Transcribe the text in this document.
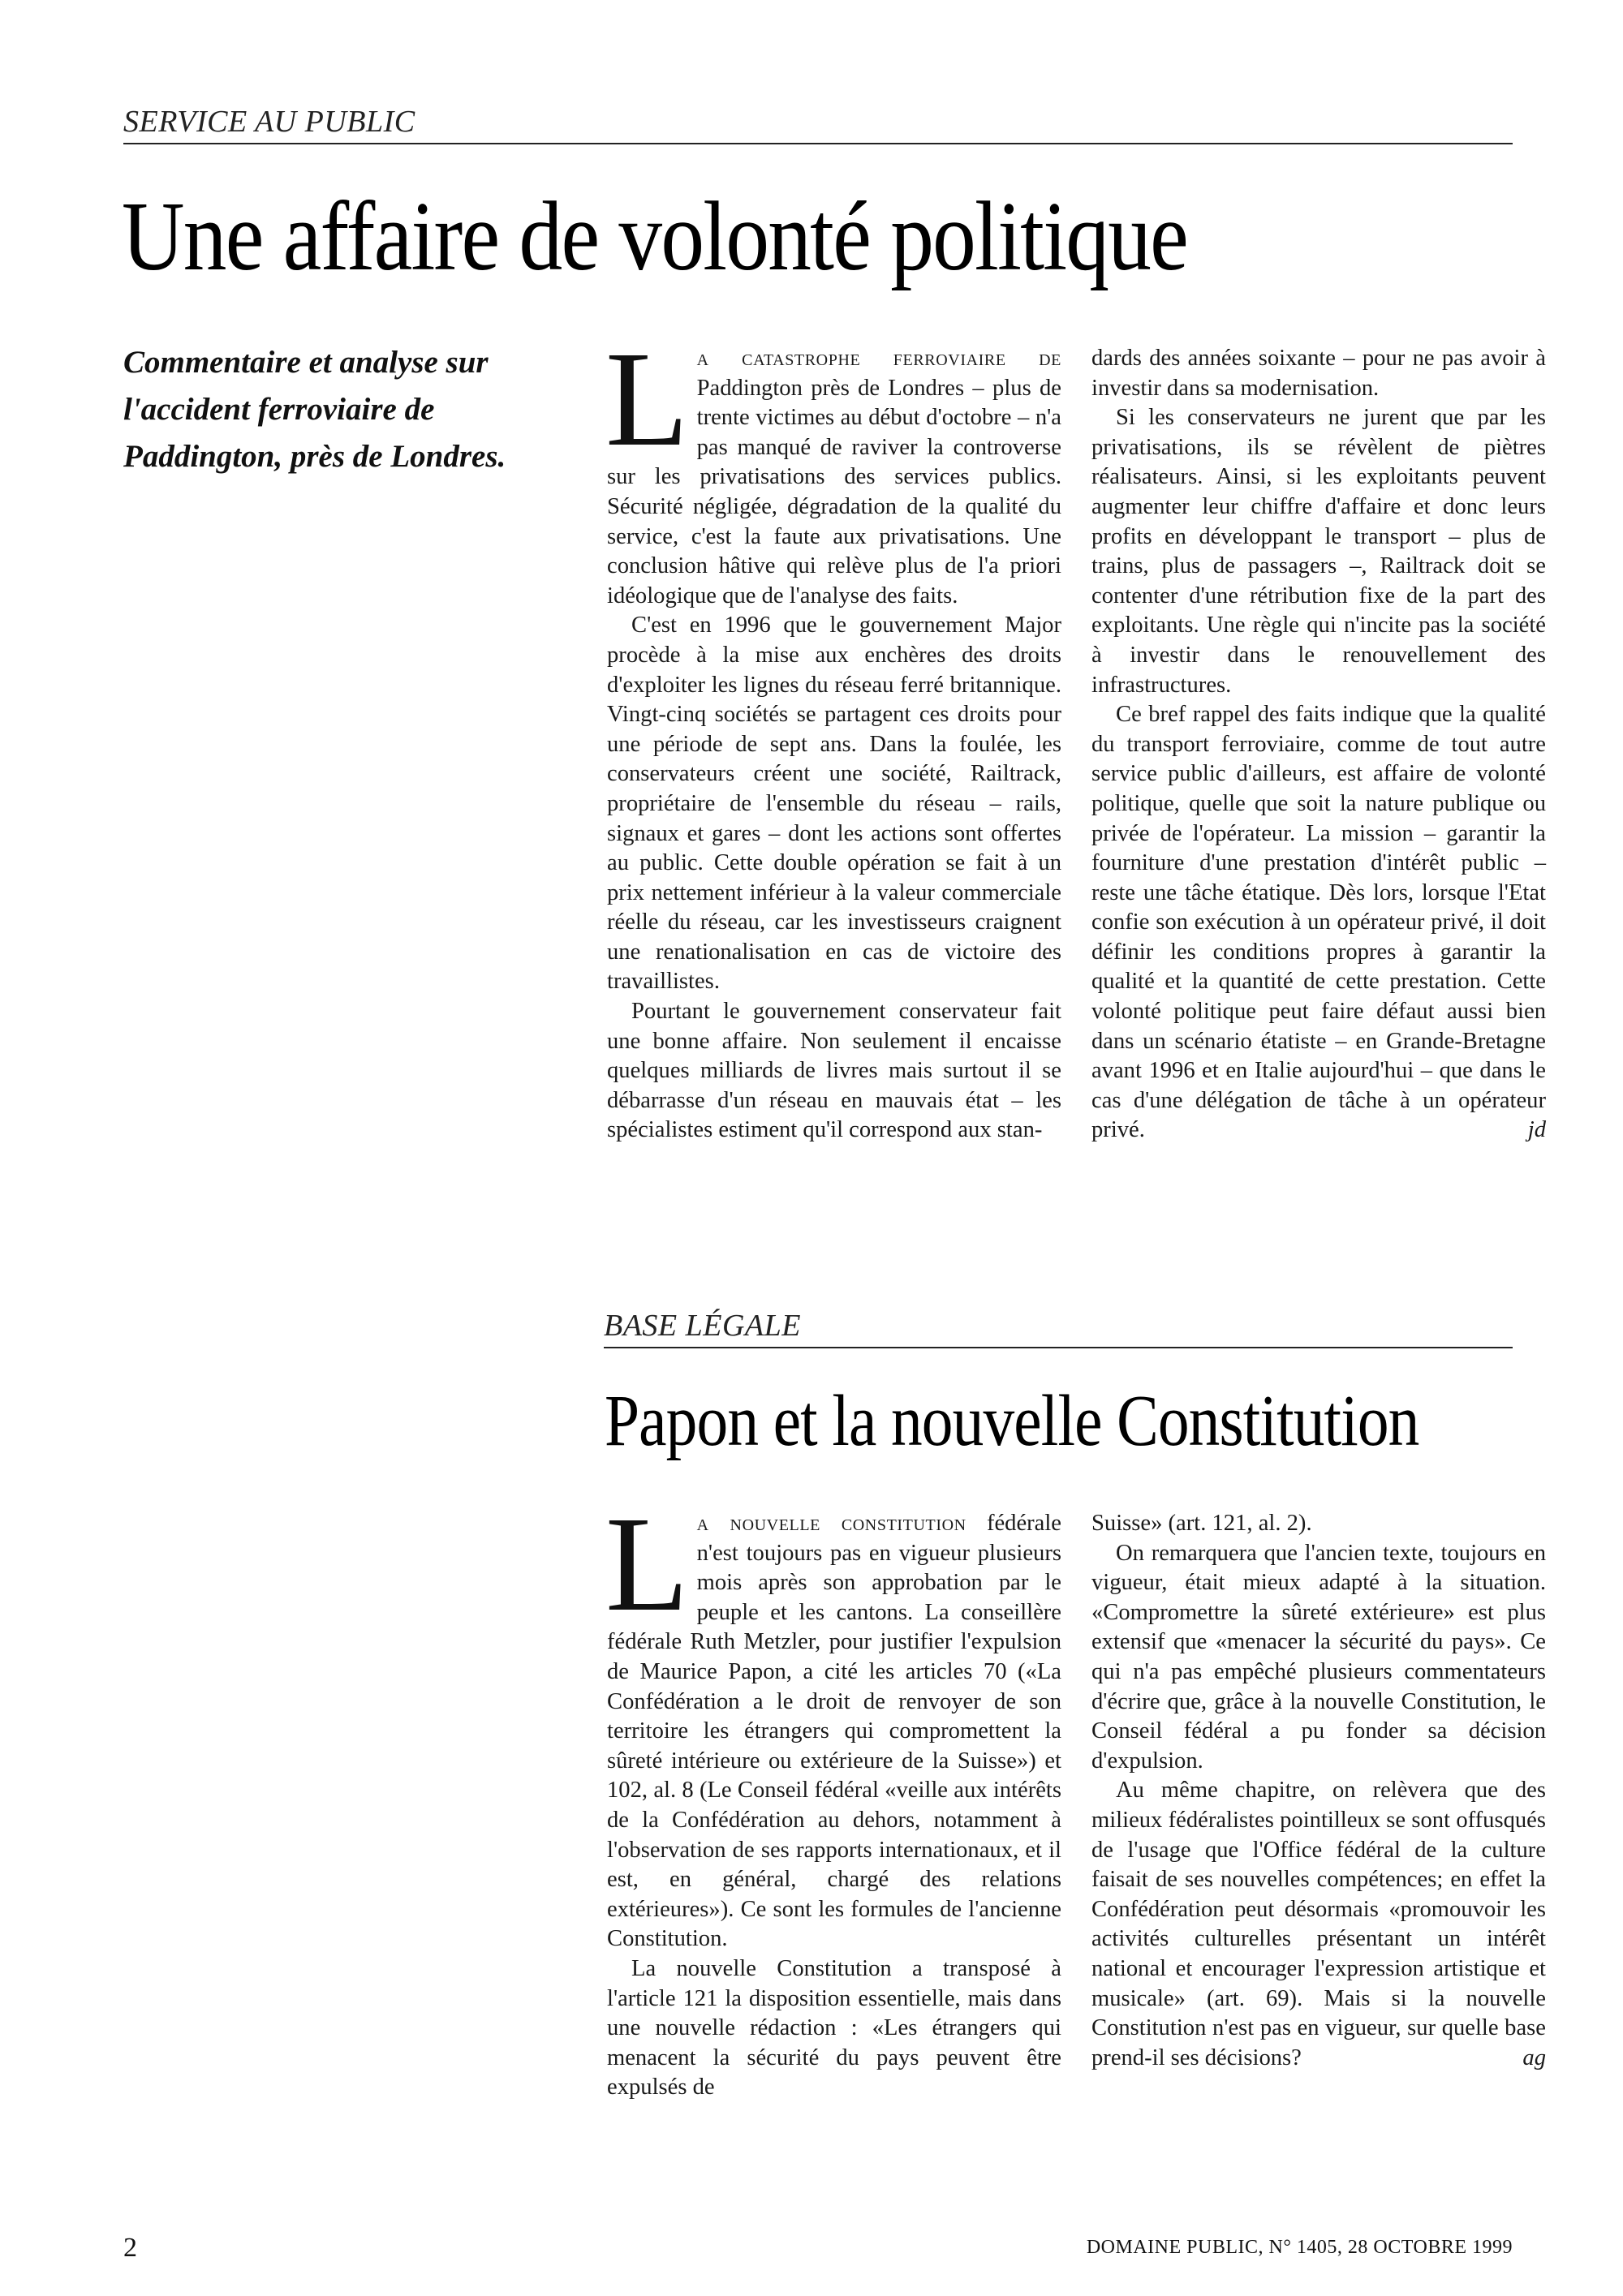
SERVICE AU PUBLIC
Une affaire de volonté politique
Commentaire et analyse sur l'accident ferroviaire de Paddington, près de Londres. La catastrophe ferroviaire de Paddington près de Londres – plus de trente victimes au début d'octobre – n'a pas manqué de raviver la controverse sur les privatisations des services publics. Sécurité négligée, dégradation de la qualité du service, c'est la faute aux privatisations. Une conclusion hâtive qui relève plus de l'a priori idéologique que de l'analyse des faits.

C'est en 1996 que le gouvernement Major procède à la mise aux enchères des droits d'exploiter les lignes du réseau ferré britannique. Vingt-cinq sociétés se partagent ces droits pour une période de sept ans. Dans la foulée, les conservateurs créent une société, Railtrack, propriétaire de l'ensemble du réseau – rails, signaux et gares – dont les actions sont offertes au public. Cette double opération se fait à un prix nettement inférieur à la valeur commerciale réelle du réseau, car les investisseurs craignent une renationalisation en cas de victoire des travaillistes.

Pourtant le gouvernement conservateur fait une bonne affaire. Non seulement il encaisse quelques milliards de livres mais surtout il se débarrasse d'un réseau en mauvais état – les spécialistes estiment qu'il correspond aux stan-

dards des années soixante – pour ne pas avoir à investir dans sa modernisation.

Si les conservateurs ne jurent que par les privatisations, ils se révèlent de piètres réalisateurs. Ainsi, si les exploitants peuvent augmenter leur chiffre d'affaire et donc leurs profits en développant le transport – plus de trains, plus de passagers –, Railtrack doit se contenter d'une rétribution fixe de la part des exploitants. Une règle qui n'incite pas la société à investir dans le renouvellement des infrastructures.

Ce bref rappel des faits indique que la qualité du transport ferroviaire, comme de tout autre service public d'ailleurs, est affaire de volonté politique, quelle que soit la nature publique ou privée de l'opérateur. La mission – garantir la fourniture d'une prestation d'intérêt public – reste une tâche étatique. Dès lors, lorsque l'Etat confie son exécution à un opérateur privé, il doit définir les conditions propres à garantir la qualité et la quantité de cette prestation. Cette volonté politique peut faire défaut aussi bien dans un scénario étatiste – en Grande-Bretagne avant 1996 et en Italie aujourd'hui – que dans le cas d'une délégation de tâche à un opérateur privé.	jd

BASE LÉGALE
Papon et la nouvelle Constitution

La nouvelle constitution fédérale n'est toujours pas en vigueur plusieurs mois après son approbation par le peuple et les cantons. La conseillère fédérale Ruth Metzler, pour justifier l'expulsion de Maurice Papon, a cité les articles 70 («La Confédération a le droit de renvoyer de son territoire les étrangers qui compromettent la sûreté intérieure ou extérieure de la Suisse») et 102, al. 8 (Le Conseil fédéral «veille aux intérêts de la Confédération au dehors, notamment à l'observation de ses rapports internationaux, et il est, en général, chargé des relations extérieures»). Ce sont les formules de l'ancienne Constitution.

La nouvelle Constitution a transposé à l'article 121 la disposition essentielle, mais dans une nouvelle rédaction : «Les étrangers qui menacent la sécurité du pays peuvent être expulsés de

Suisse» (art. 121, al. 2).

On remarquera que l'ancien texte, toujours en vigueur, était mieux adapté à la situation. «Compromettre la sûreté extérieure» est plus extensif que «menacer la sécurité du pays». Ce qui n'a pas empêché plusieurs commentateurs d'écrire que, grâce à la nouvelle Constitution, le Conseil fédéral a pu fonder sa décision d'expulsion.

Au même chapitre, on relèvera que des milieux fédéralistes pointilleux se sont offusqués de l'usage que l'Office fédéral de la culture faisait de ses nouvelles compétences; en effet la Confédération peut désormais «promouvoir les activités culturelles présentant un intérêt national et encourager l'expression artistique et musicale» (art. 69). Mais si la nouvelle Constitution n'est pas en vigueur, sur quelle base prend-il ses décisions?	ag

2	DOMAINE PUBLIC, N° 1405, 28 OCTOBRE 1999
